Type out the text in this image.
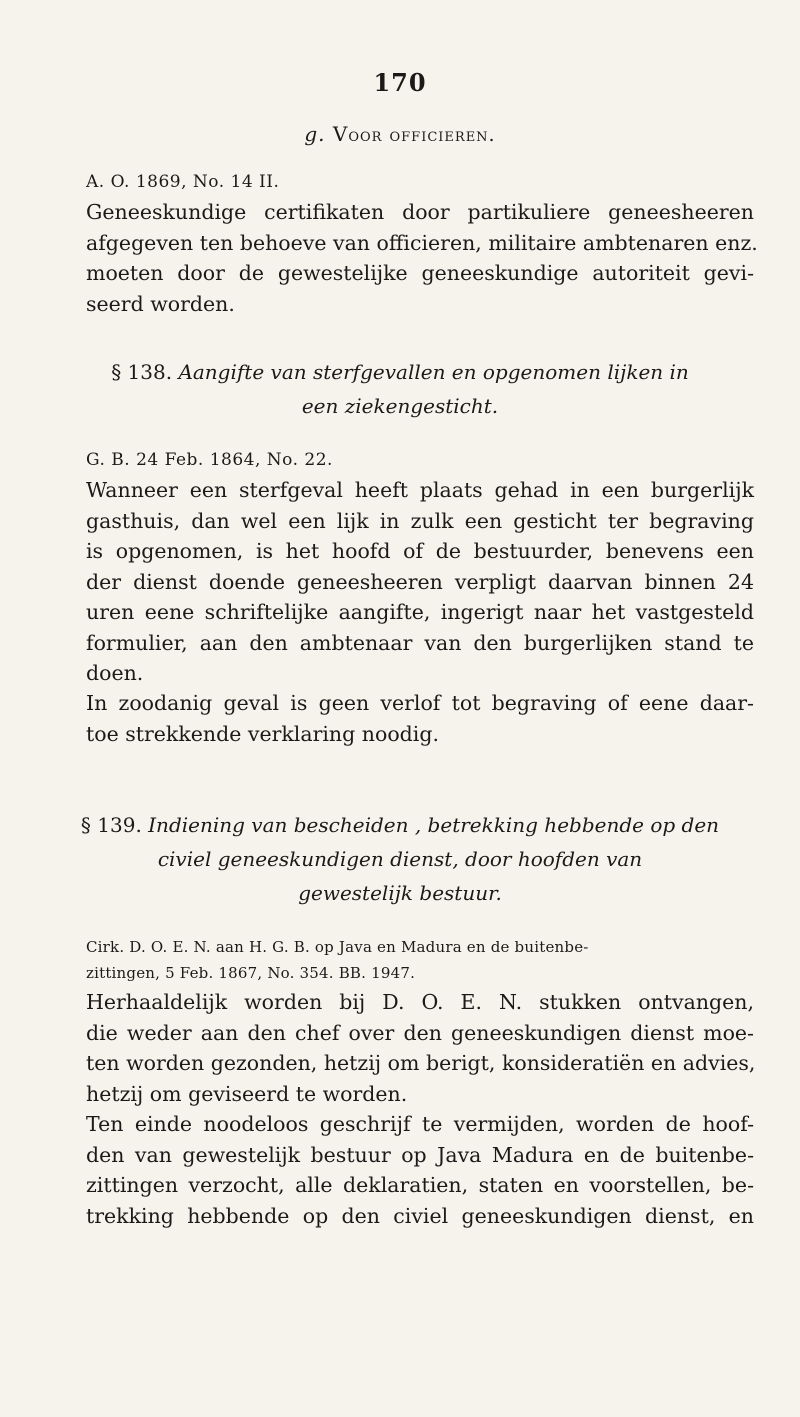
170
g. Voor officieren.
A. O. 1869, No. 14 II.
Geneeskundige certifikaten door partikuliere geneesheeren
afgegeven ten behoeve van officieren, militaire ambtenaren enz.
moeten door de gewestelijke geneeskundige autoriteit gevi-
seerd worden.
§ 138. Aangifte van sterfgevallen en opgenomen lijken in
een ziekengesticht.
G. B. 24 Feb. 1864, No. 22.
Wanneer een sterfgeval heeft plaats gehad in een burgerlijk
gasthuis, dan wel een lijk in zulk een gesticht ter begraving
is opgenomen, is het hoofd of de bestuurder, benevens een
der dienst doende geneesheeren verpligt daarvan binnen 24
uren eene schriftelijke aangifte, ingerigt naar het vastgesteld
formulier, aan den ambtenaar van den burgerlijken stand te
doen.
In zoodanig geval is geen verlof tot begraving of eene daar-
toe strekkende verklaring noodig.
§ 139. Indiening van bescheiden , betrekking hebbende op den
civiel geneeskundigen dienst, door hoofden van
gewestelijk bestuur.
Cirk. D. O. E. N. aan H. G. B. op Java en Madura en de buitenbe-
zittingen, 5 Feb. 1867, No. 354. BB. 1947.
Herhaaldelijk worden bij D. O. E. N. stukken ontvangen,
die weder aan den chef over den geneeskundigen dienst moe-
ten worden gezonden, hetzij om berigt, konsideratiën en advies,
hetzij om geviseerd te worden.
Ten einde noodeloos geschrijf te vermijden, worden de hoof-
den van gewestelijk bestuur op Java Madura en de buitenbe-
zittingen verzocht, alle deklaratien, staten en voorstellen, be-
trekking hebbende op den civiel geneeskundigen dienst, en
